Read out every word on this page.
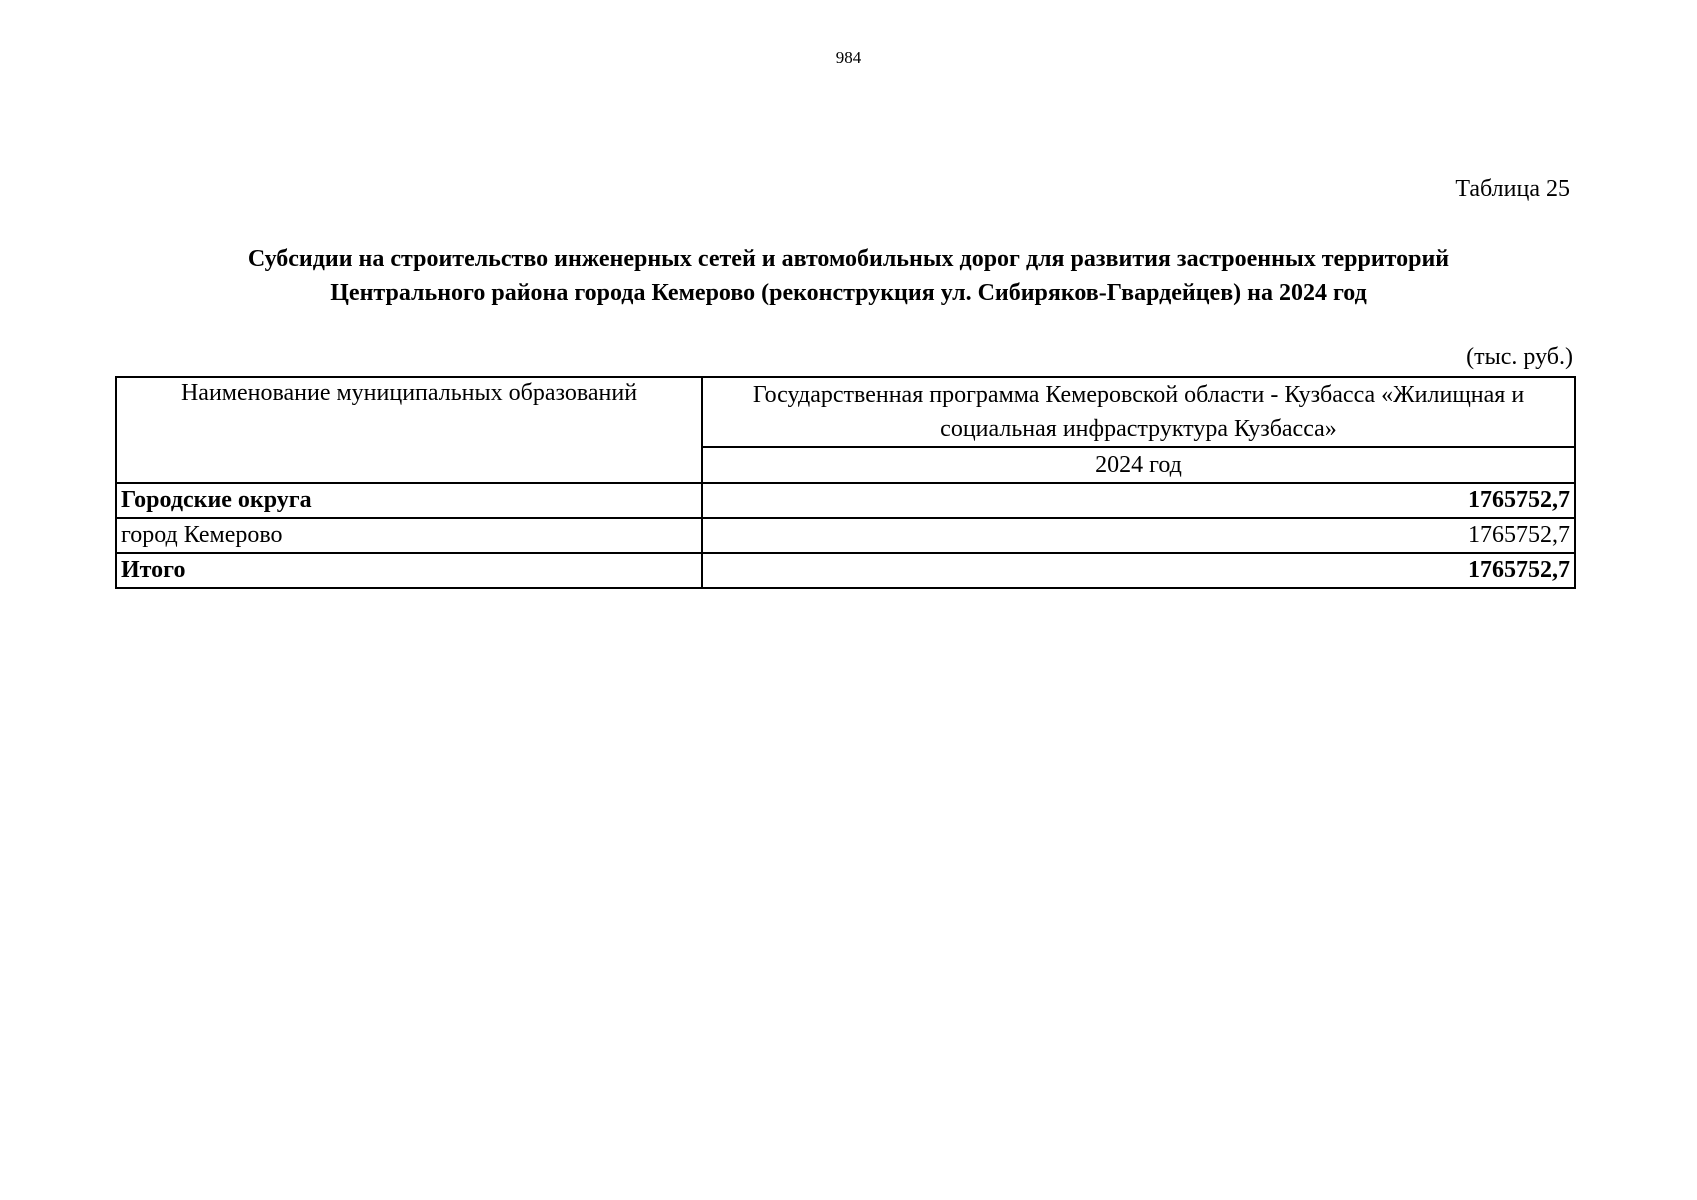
984
Таблица 25
Субсидии на строительство инженерных сетей и автомобильных дорог для развития застроенных территорий
Центрального района города Кемерово (реконструкция ул. Сибиряков-Гвардейцев) на 2024 год
(тыс. руб.)
Наименование муниципальных образований	Государственная программа Кемеровской области - Кузбасса «Жилищная и социальная инфраструктура Кузбасса»
	2024 год
Городские округа	1765752,7
город Кемерово	1765752,7
Итого	1765752,7
